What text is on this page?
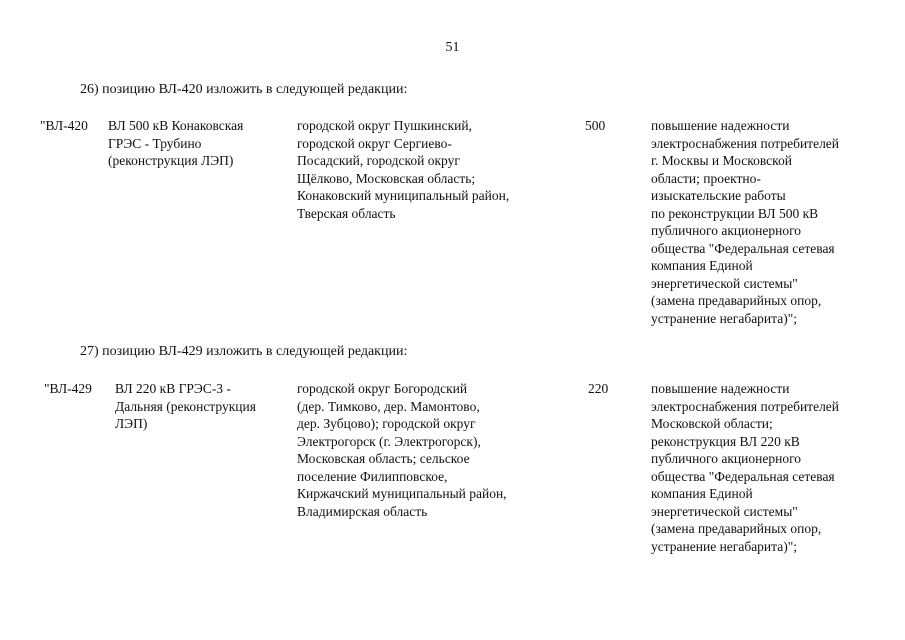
51
26) позицию ВЛ-420 изложить в следующей редакции:
"ВЛ-420 ВЛ 500 кВ Конаковская
ГРЭС - Трубино
(реконструкция ЛЭП)
городской округ Пушкинский,
городской округ Сергиево-
Посадский, городской округ
Щёлково, Московская область;
Конаковский муниципальный район,
Тверская область
500	повышение надежности
электроснабжения потребителей
г. Москвы и Московской
области; проектно-
изыскательские работы
по реконструкции ВЛ 500 кВ
публичного акционерного
общества "Федеральная сетевая
компания Единой
энергетической системы"
(замена предаварийных опор,
устранение негабарита)";
27) позицию ВЛ-429 изложить в следующей редакции:
"ВЛ-429 ВЛ 220 кВ ГРЭС-3 -
Дальняя (реконструкция
ЛЭП)
городской округ Богородский
(дер. Тимково, дер. Мамонтово,
дер. Зубцово); городской округ
Электрогорск (г. Электрогорск),
Московская область; сельское
поселение Филипповское,
Киржачский муниципальный район,
Владимирская область
220	повышение надежности
электроснабжения потребителей
Московской области;
реконструкция ВЛ 220 кВ
публичного акционерного
общества "Федеральная сетевая
компания Единой
энергетической системы"
(замена предаварийных опор,
устранение негабарита)";
